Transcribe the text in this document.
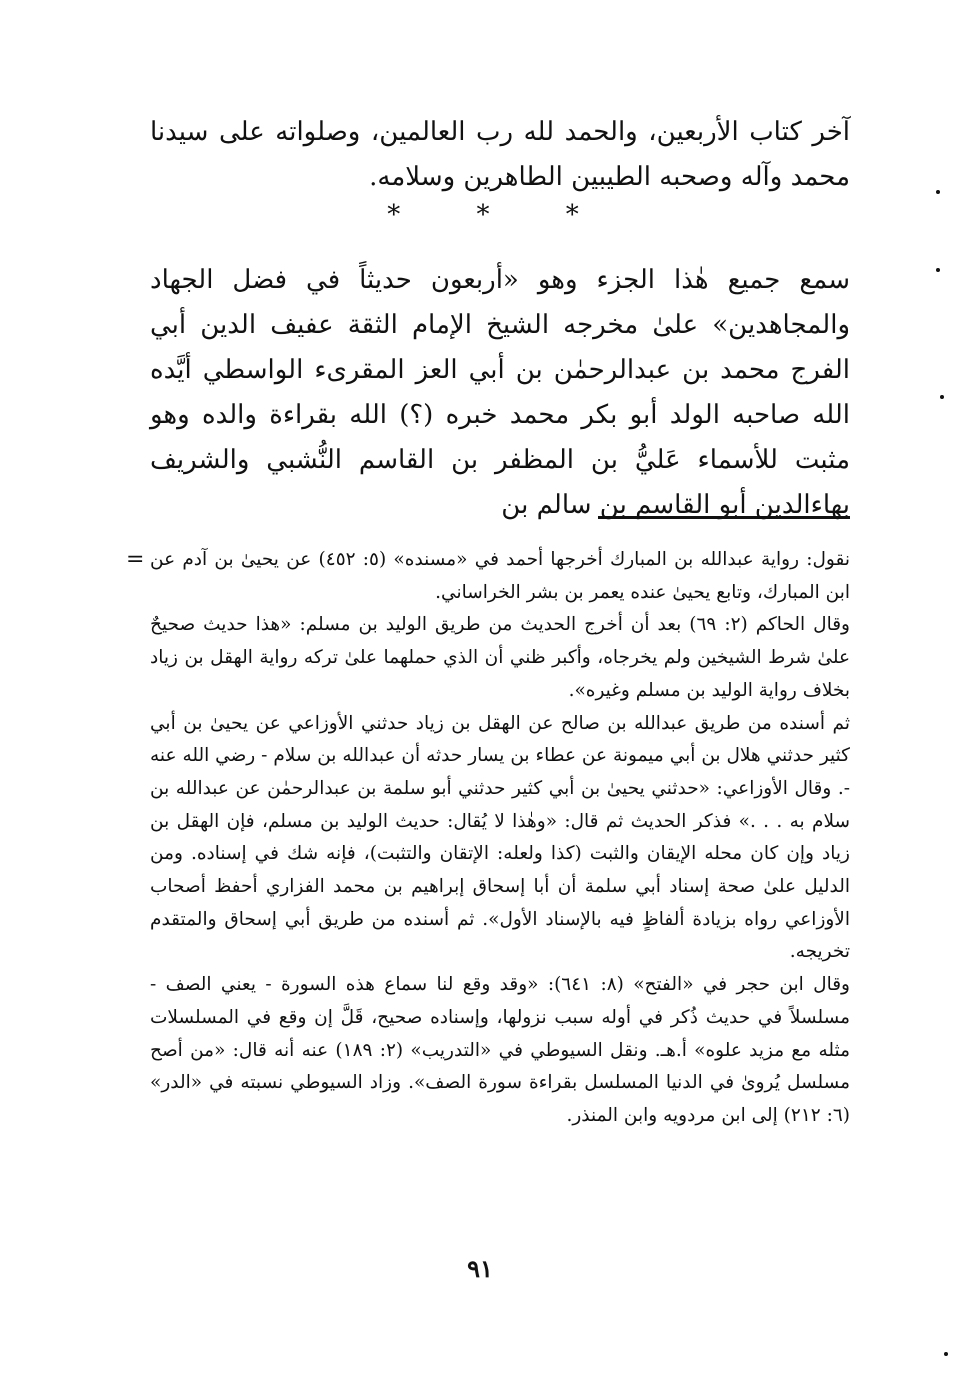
آخر كتاب الأربعين، والحمد لله رب العالمين، وصلواته على سيدنا محمد وآله وصحبه الطيبين الطاهرين وسلامه.

* * *

سمع جميع هٰذا الجزء وهو «أربعون حديثاً في فضل الجهاد والمجاهدين» علىٰ مخرجه الشيخ الإمام الثقة عفيف الدين أبي الفرج محمد بن عبدالرحمٰن بن أبي العز المقرىء الواسطي أيَّده الله صاحبه الولد أبو بكر محمد خبره (؟) الله بقراءة والده وهو مثبت للأسماء عَليُّ بن المظفر بن القاسم النُّشبي والشريف بهاءالدين أبو القاسم بن سالم بن

= نقول: رواية عبدالله بن المبارك أخرجها أحمد في «مسنده» (٥: ٤٥٢) عن يحيىٰ بن آدم عن ابن المبارك، وتابع يحيىٰ عنده يعمر بن بشر الخراساني.

وقال الحاكم (٢: ٦٩) بعد أن أخرج الحديث من طريق الوليد بن مسلم: «هذا حديث صحيحٌ علىٰ شرط الشيخين ولم يخرجاه، وأكبر ظني أن الذي حملهما علىٰ تركه رواية الهقل بن زياد بخلاف رواية الوليد بن مسلم وغيره».

ثم أسنده من طريق عبدالله بن صالح عن الهقل بن زياد حدثني الأوزاعي عن يحيىٰ بن أبي كثير حدثني هلال بن أبي ميمونة عن عطاء بن يسار حدثه أن عبدالله بن سلام - رضي الله عنه -. وقال الأوزاعي: «حدثني يحيىٰ بن أبي كثير حدثني أبو سلمة بن عبدالرحمٰن عن عبدالله بن سلام به . . .» فذكر الحديث ثم قال: «وهٰذا لا يُقال: حديث الوليد بن مسلم، فإن الهقل بن زياد وإن كان محله الإيقان والثبت (كذا ولعله: الإتقان والتثبت)، فإنه شك في إسناده. ومن الدليل علىٰ صحة إسناد أبي سلمة أن أبا إسحاق إبراهيم بن محمد الفزاري أحفظ أصحاب الأوزاعي رواه بزيادة ألفاظٍ فيه بالإسناد الأول». ثم أسنده من طريق أبي إسحاق والمتقدم تخريجه.

وقال ابن حجر في «الفتح» (٨: ٦٤١): «وقد وقع لنا سماع هذه السورة - يعني الصف - مسلسلاً في حديث ذُكر في أوله سبب نزولها، وإسناده صحيح، قَلَّ إن وقع في المسلسلات مثله مع مزيد علوه» أ.هـ. ونقل السيوطي في «التدريب» (٢: ١٨٩) عنه أنه قال: «من أصح مسلسل يُروىٰ في الدنيا المسلسل بقراءة سورة الصف». وزاد السيوطي نسبته في «الدر» (٦: ٢١٢) إلى ابن مردويه وابن المنذر.

٩١
